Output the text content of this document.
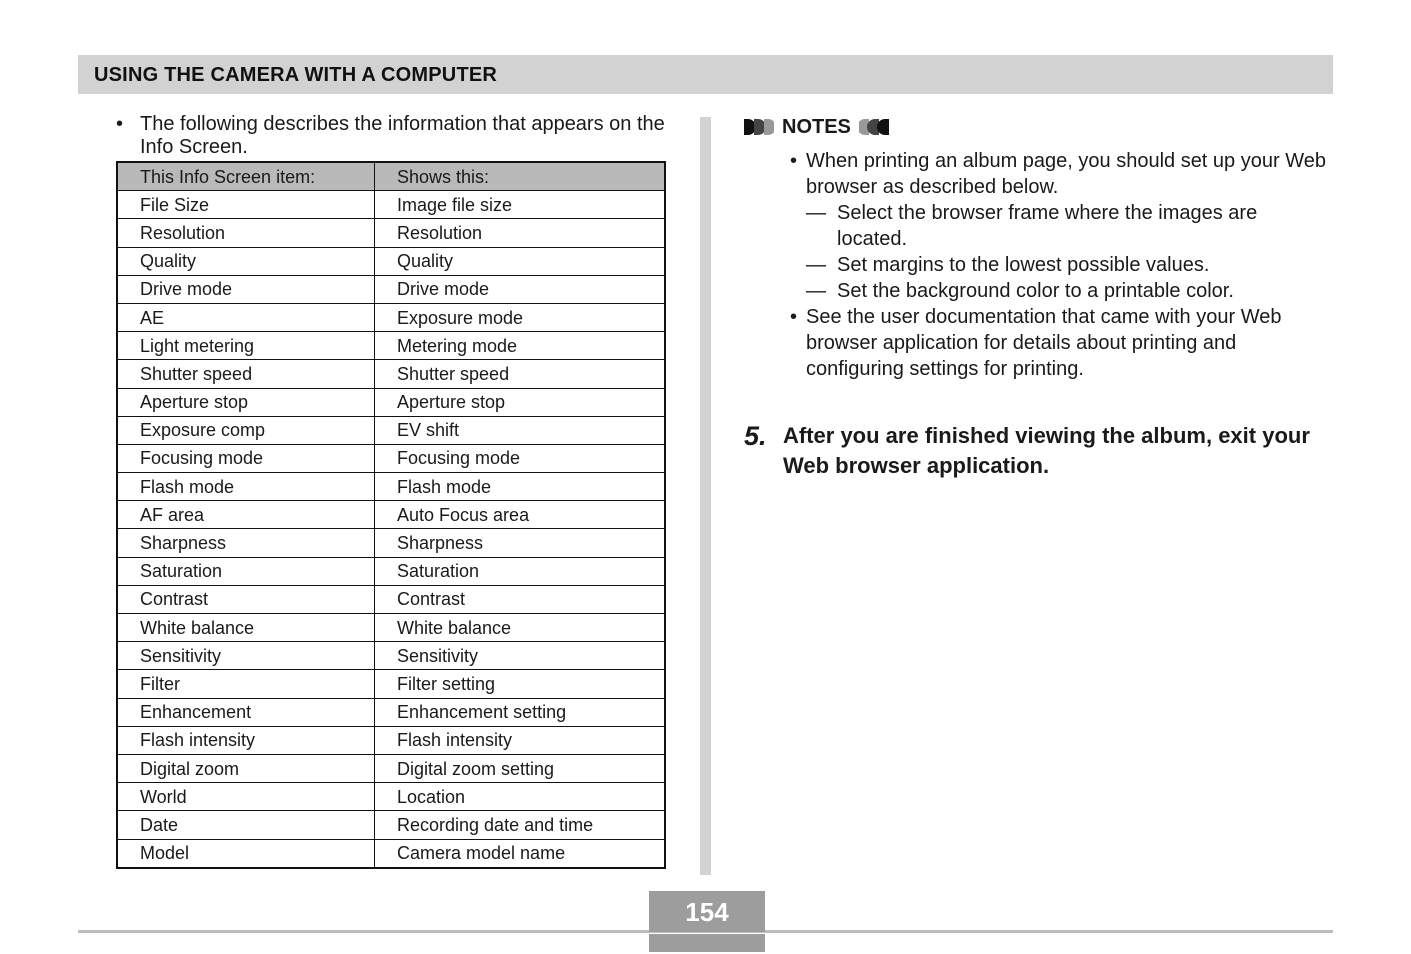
USING THE CAMERA WITH A COMPUTER
• The following describes the information that appears on the Info Screen.
This Info Screen item:	Shows this:
File Size	Image file size
Resolution	Resolution
Quality	Quality
Drive mode	Drive mode
AE	Exposure mode
Light metering	Metering mode
Shutter speed	Shutter speed
Aperture stop	Aperture stop
Exposure comp	EV shift
Focusing mode	Focusing mode
Flash mode	Flash mode
AF area	Auto Focus area
Sharpness	Sharpness
Saturation	Saturation
Contrast	Contrast
White balance	White balance
Sensitivity	Sensitivity
Filter	Filter setting
Enhancement	Enhancement setting
Flash intensity	Flash intensity
Digital zoom	Digital zoom setting
World	Location
Date	Recording date and time
Model	Camera model name
NOTES
• When printing an album page, you should set up your Web browser as described below.
— Select the browser frame where the images are located.
— Set margins to the lowest possible values.
— Set the background color to a printable color.
• See the user documentation that came with your Web browser application for details about printing and configuring settings for printing.
5. After you are finished viewing the album, exit your Web browser application.
154
